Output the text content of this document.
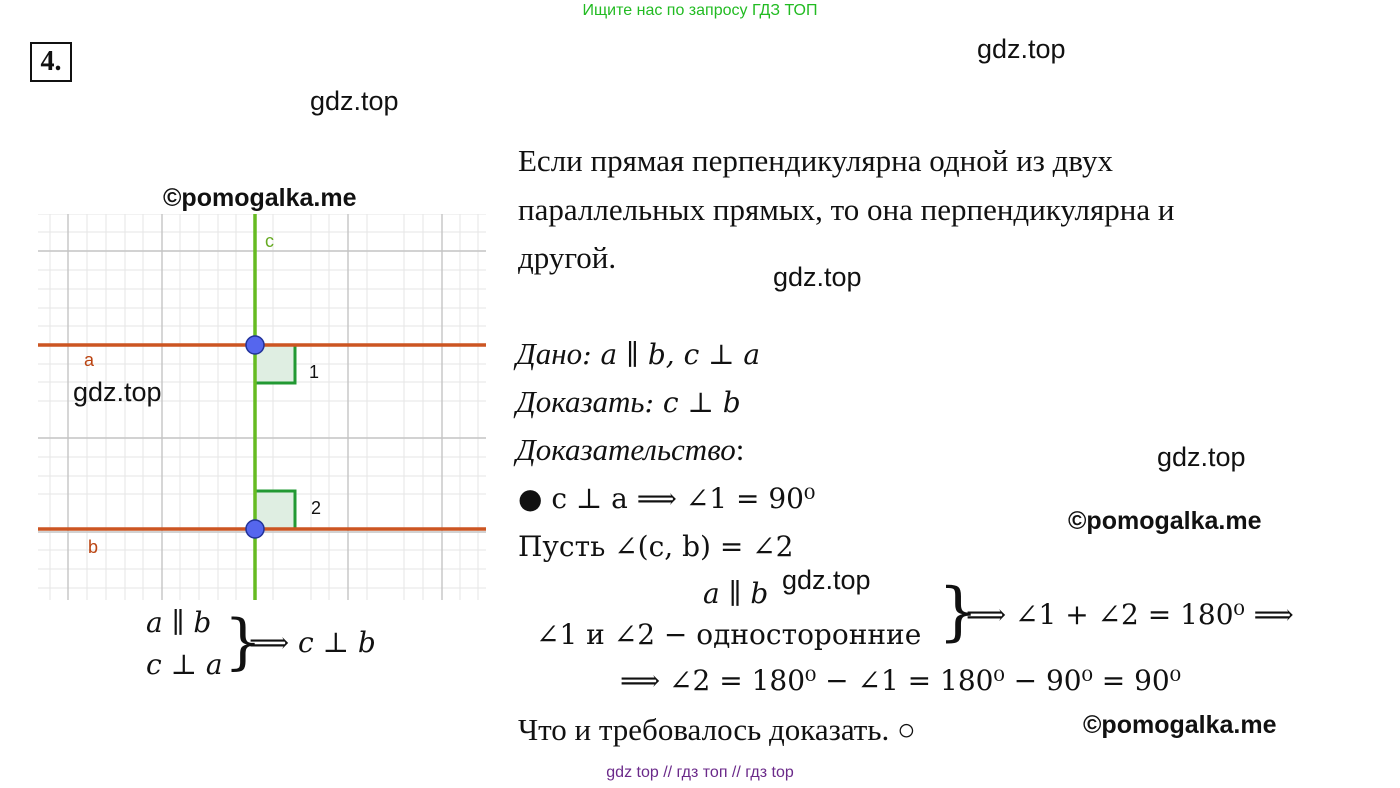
Ищите нас по запросу ГДЗ ТОП
4.	gdz.top
gdz.top
gdz.top
gdz.top
©pomogalka.me
©pomogalka.me
©pomogalka.me
c
a
b
1
2
gdz.top
a ∥ b
c ⊥ a }
⟹ c ⊥ b
Если прямая перпендикулярна одной из двух
параллельных прямых, то она перпендикулярна и
другой.
Дано: a ∥ b, c ⊥ a
Доказать: c ⊥ b
Доказательство:
● c ⊥ a ⟹ ∠1 = 90⁰
Пусть ∠(c, b) = ∠2
a ∥ b gdz.top
∠1 и ∠2 − односторонние }
⟹ ∠1 + ∠2 = 180⁰ ⟹
⟹ ∠2 = 180⁰ − ∠1 = 180⁰ − 90⁰ = 90⁰
Что и требовалось доказать. ○
gdz top // гдз топ // гдз top
